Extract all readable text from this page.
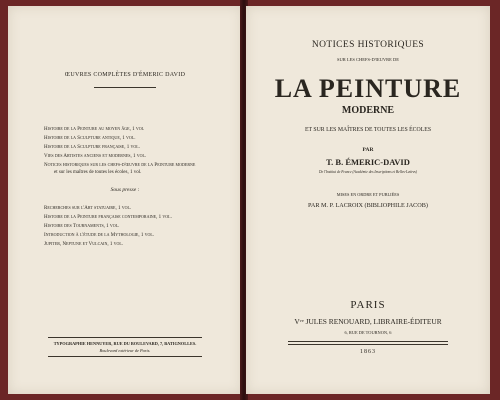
ŒUVRES COMPLÈTES D'ÉMERIC DAVID
Histoire de la Peinture au moyen âge, 1 vol
Histoire de la Sculpture antique, 1 vol.
Histoire de la Sculpture française, 1 vol.
Vies des Artistes anciens et modernes, 1 vol.
Notices historiques sur les chefs-d'œuvre de la Peinture moderne
et sur les maîtres de toutes les écoles, 1 vol.
Sous presse :
Recherches sur l'Art statuaire, 1 vol.
Histoire de la Peinture française contemporaine, 1 vol.
Histoire des Tournaments, 1 vol.
Introduction à l'étude de la Mythologie, 1 vol.
Jupiter, Neptune et Vulcain, 1 vol.
TYPOGRAPHIE HENNUYER, RUE DU BOULEVARD, 7, BATIGNOLLES.
Boulevard extérieur de Paris.
NOTICES HISTORIQUES
SUR LES CHEFS-D'ŒUVRE DE
LA PEINTURE
MODERNE
ET SUR LES MAÎTRES DE TOUTES LES ÉCOLES
PAR
T. B. ÉMERIC-DAVID
De l'Institut de France (Académie des Inscriptions et Belles-Lettres)
MISES EN ORDRE ET PUBLIÉES
PAR M. P. LACROIX (BIBLIOPHILE JACOB)
PARIS
Vᵛᵉ JULES RENOUARD, LIBRAIRE-ÉDITEUR
6, RUE DE TOURNON, 6
1863
